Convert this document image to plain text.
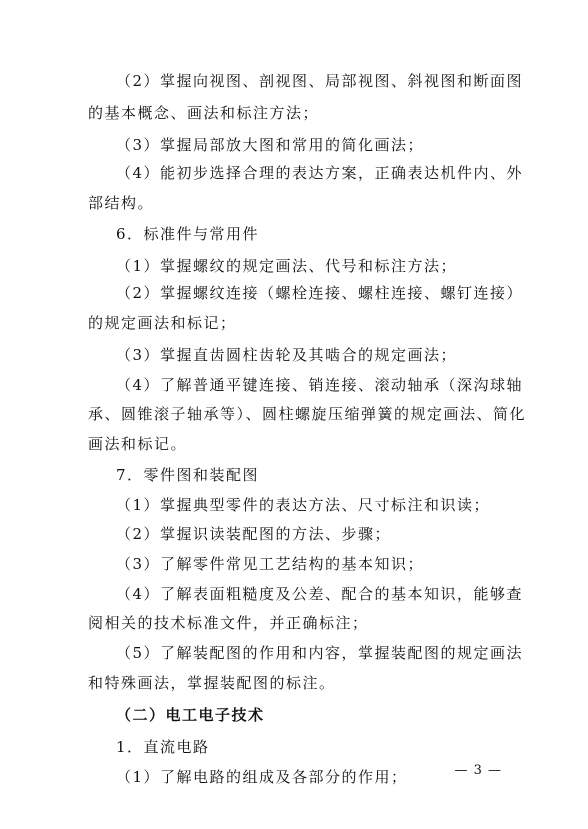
（2）掌握向视图、剖视图、局部视图、斜视图和断面图
的基本概念、画法和标注方法；
（3）掌握局部放大图和常用的简化画法；
（4）能初步选择合理的表达方案，正确表达机件内、外
部结构。
6．标准件与常用件
（1）掌握螺纹的规定画法、代号和标注方法；
（2）掌握螺纹连接（螺栓连接、螺柱连接、螺钉连接）
的规定画法和标记；
（3）掌握直齿圆柱齿轮及其啮合的规定画法；
（4）了解普通平键连接、销连接、滚动轴承（深沟球轴
承、圆锥滚子轴承等）、圆柱螺旋压缩弹簧的规定画法、简化
画法和标记。
7．零件图和装配图
（1）掌握典型零件的表达方法、尺寸标注和识读；
（2）掌握识读装配图的方法、步骤；
（3）了解零件常见工艺结构的基本知识；
（4）了解表面粗糙度及公差、配合的基本知识，能够查
阅相关的技术标准文件，并正确标注；
（5）了解装配图的作用和内容，掌握装配图的规定画法
和特殊画法，掌握装配图的标注。
（二）电工电子技术
1．直流电路
（1）了解电路的组成及各部分的作用；	— 3 —
